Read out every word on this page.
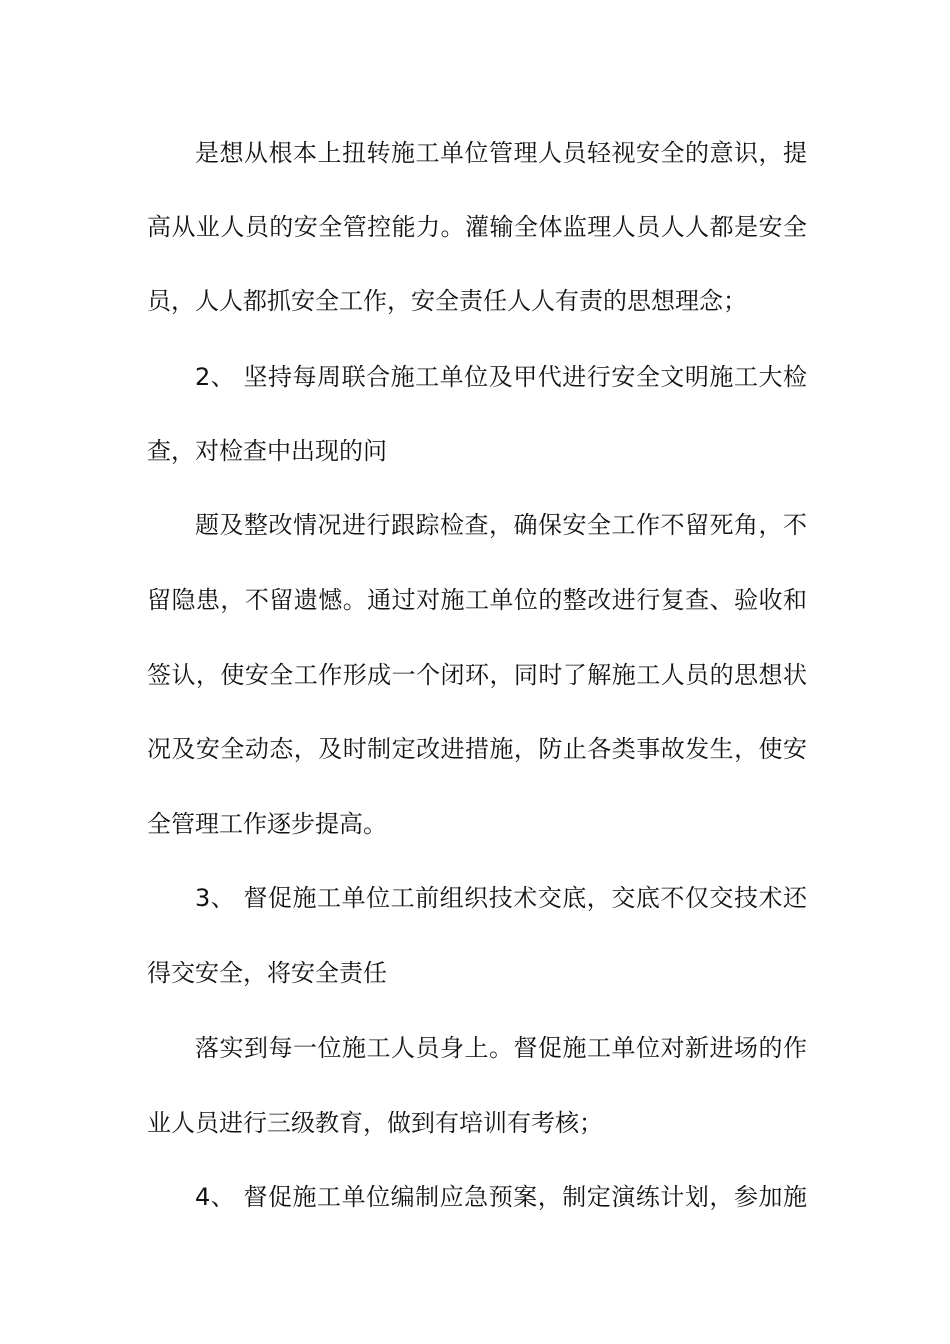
是想从根本上扭转施工单位管理人员轻视安全的意识，提
高从业人员的安全管控能力。灌输全体监理人员人人都是安全
员，人人都抓安全工作，安全责任人人有责的思想理念；
2、 坚持每周联合施工单位及甲代进行安全文明施工大检
查，对检查中出现的问
题及整改情况进行跟踪检查，确保安全工作不留死角，不
留隐患，不留遗憾。通过对施工单位的整改进行复查、验收和
签认，使安全工作形成一个闭环，同时了解施工人员的思想状
况及安全动态，及时制定改进措施，防止各类事故发生，使安
全管理工作逐步提高。
3、 督促施工单位工前组织技术交底，交底不仅交技术还
得交安全，将安全责任
落实到每一位施工人员身上。督促施工单位对新进场的作
业人员进行三级教育，做到有培训有考核；
4、 督促施工单位编制应急预案，制定演练计划，参加施
